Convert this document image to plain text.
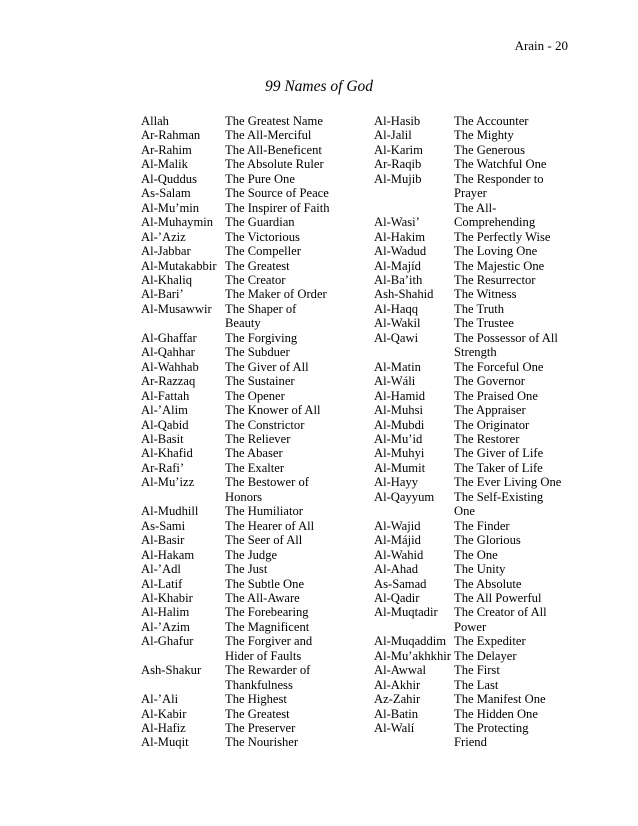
Arain - 20
99 Names of God
Allah	The Greatest Name
Ar-Rahman	The All-Merciful
Ar-Rahim	The All-Beneficent
Al-Malik	The Absolute Ruler
Al-Quddus	The Pure One
As-Salam	The Source of Peace
Al-Mu’min	The Inspirer of Faith
Al-Muhaymin The Guardian
Al-’Aziz	The Victorious
Al-Jabbar	The Compeller
Al-Mutakabbir The Greatest
Al-Khaliq	The Creator
Al-Bari’	The Maker of Order
Al-Musawwir	The Shaper of
Beauty
Al-Ghaffar	The Forgiving
Al-Qahhar	The Subduer
Al-Wahhab	The Giver of All
Ar-Razzaq	The Sustainer
Al-Fattah	The Opener
Al-’Alim	The Knower of All
Al-Qabid	The Constrictor
Al-Basit	The Reliever
Al-Khafid	The Abaser
Ar-Rafi’	The Exalter
Al-Mu’izz	The Bestower of
Honors
Al-Mudhill	The Humiliator
As-Sami	The Hearer of All
Al-Basir	The Seer of All
Al-Hakam	The Judge
Al-’Adl	The Just
Al-Latif	The Subtle One
Al-Khabir	The All-Aware
Al-Halim	The Forebearing
Al-’Azim	The Magnificent
Al-Ghafur	The Forgiver and
Hider of Faults
Ash-Shakur	The Rewarder of
Thankfulness
Al-’Ali	The Highest
Al-Kabir	The Greatest
Al-Hafiz	The Preserver
Al-Muqit	The Nourisher
Al-Hasib	The Accounter
Al-Jalil	The Mighty
Al-Karim	The Generous
Ar-Raqib	The Watchful One
Al-Mujib	The Responder to
Prayer
The All-
Al-Wasi’	Comprehending
Al-Hakim	The Perfectly Wise
Al-Wadud	The Loving One
Al-Majíd	The Majestic One
Al-Ba’ith	The Resurrector
Ash-Shahid	The Witness
Al-Haqq	The Truth
Al-Wakil	The Trustee
Al-Qawi	The Possessor of All
Strength
Al-Matin	The Forceful One
Al-Wáli	The Governor
Al-Hamid	The Praised One
Al-Muhsi	The Appraiser
Al-Mubdi	The Originator
Al-Mu’id	The Restorer
Al-Muhyi	The Giver of Life
Al-Mumit	The Taker of Life
Al-Hayy	The Ever Living One
Al-Qayyum	The Self-Existing
One
Al-Wajid	The Finder
Al-Májid	The Glorious
Al-Wahid	The One
Al-Ahad	The Unity
As-Samad	The Absolute
Al-Qadir	The All Powerful
Al-Muqtadir	The Creator of All
Power
Al-Muqaddim The Expediter
Al-Mu’akhkhir The Delayer
Al-Awwal	The First
Al-Akhir	The Last
Az-Zahir	The Manifest One
Al-Batin	The Hidden One
Al-Walí	The Protecting
Friend
